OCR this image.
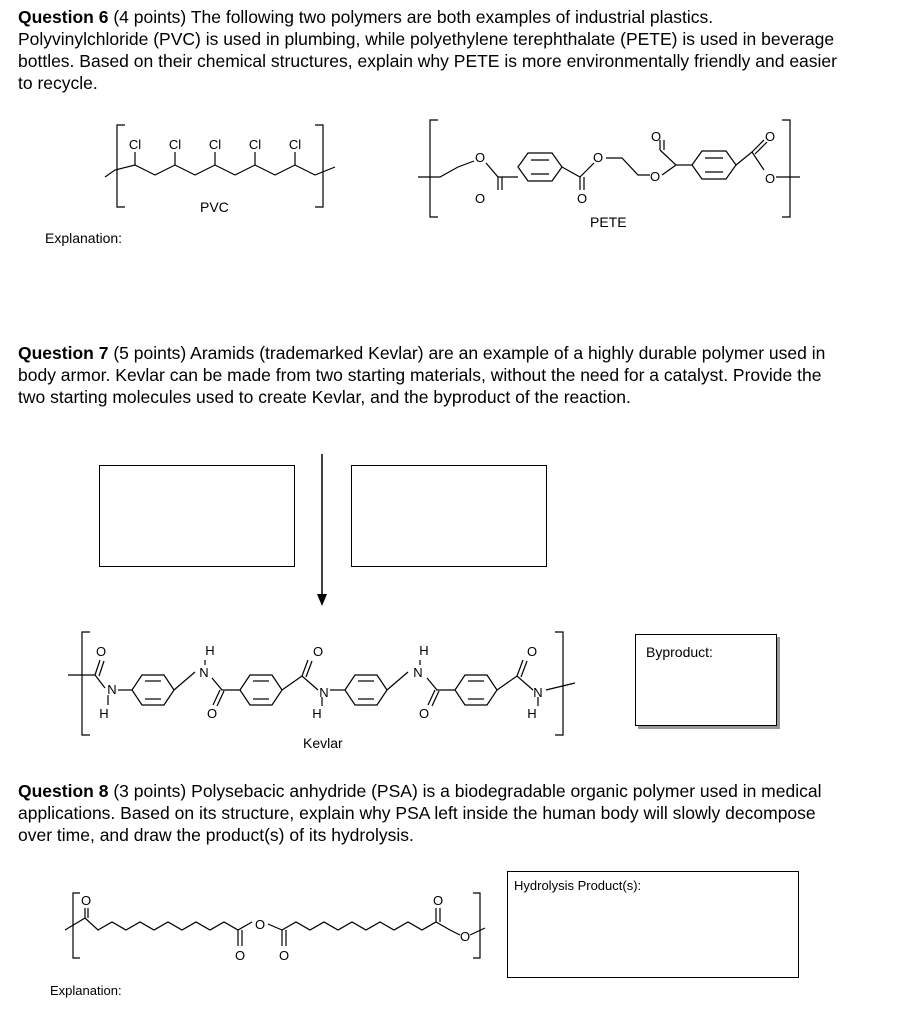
Question 6 (4 points) The following two polymers are both examples of industrial plastics. Polyvinylchloride (PVC) is used in plumbing, while polyethylene terephthalate (PETE) is used in beverage bottles. Based on their chemical structures, explain why PETE is more environmentally friendly and easier to recycle.

Cl Cl Cl Cl Cl
PVC
O
O
O
O
O
O	O
O
PETE
Explanation:

Question 7 (5 points) Aramids (trademarked Kevlar) are an example of a highly durable polymer used in body armor. Kevlar can be made from two starting materials, without the need for a catalyst. Provide the two starting molecules used to create Kevlar, and the byproduct of the reaction.

O
N
H
H
N
O
O
N
H
H
N
O
O
N
H
Kevlar
Byproduct:

Question 8 (3 points) Polysebacic anhydride (PSA) is a biodegradable organic polymer used in medical applications. Based on its structure, explain why PSA left inside the human body will slowly decompose over time, and draw the product(s) of its hydrolysis.

Hydrolysis Product(s):
O
O
O	O
O
O
Explanation:
